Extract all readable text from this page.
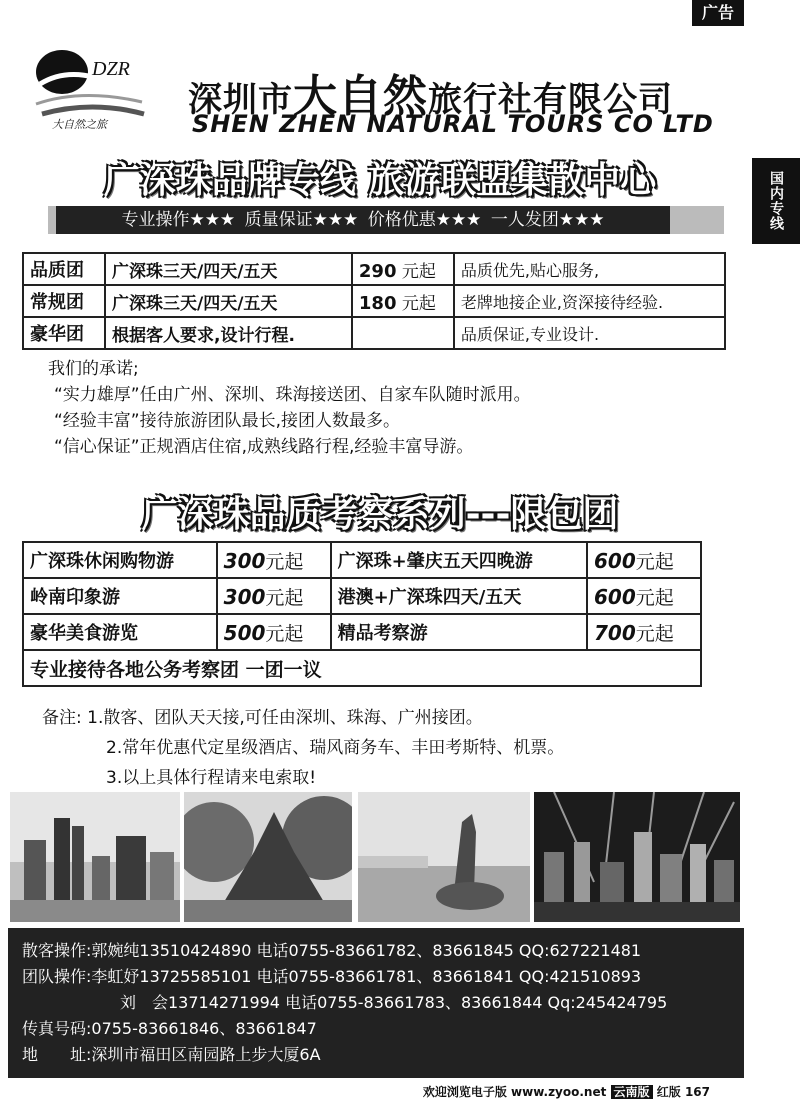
广告
国内专线
DZR
大自然之旅
深圳市大自然旅行社有限公司
SHEN ZHEN NATURAL TOURS CO LTD
广深珠品牌专线 旅游联盟集散中心
专业操作★★★ 质量保证★★★ 价格优惠★★★ 一人发团★★★
品质团	广深珠三天/四天/五天	290 元起	品质优先,贴心服务,
常规团	广深珠三天/四天/五天	180 元起	老牌地接企业,资深接待经验.
豪华团	根据客人要求,设计行程.		品质保证,专业设计.
我们的承诺;
“实力雄厚”任由广州、深圳、珠海接送团、自家车队随时派用。
“经验丰富”接待旅游团队最长,接团人数最多。
“信心保证”正规酒店住宿,成熟线路行程,经验丰富导游。
广深珠品质考察系列---限包团
广深珠休闲购物游	300元起	广深珠+肇庆五天四晚游	600元起
岭南印象游	300元起	港澳+广深珠四天/五天	600元起
豪华美食游览	500元起	精品考察游	700元起
专业接待各地公务考察团 一团一议			
备注: 1.散客、团队天天接,可任由深圳、珠海、广州接团。
2.常年优惠代定星级酒店、瑞风商务车、丰田考斯特、机票。
3.以上具体行程请来电索取!
散客操作:郭婉纯13510424890 电话0755-83661782、83661845 QQ:627221481
团队操作:李虹妤13725585101 电话0755-83661781、83661841 QQ:421510893
刘　会13714271994 电话0755-83661783、83661844 Qq:245424795
传真号码:0755-83661846、83661847
地　　址:深圳市福田区南园路上步大厦6A
欢迎浏览电子版 www.zyoo.net 云南版 红版 167
